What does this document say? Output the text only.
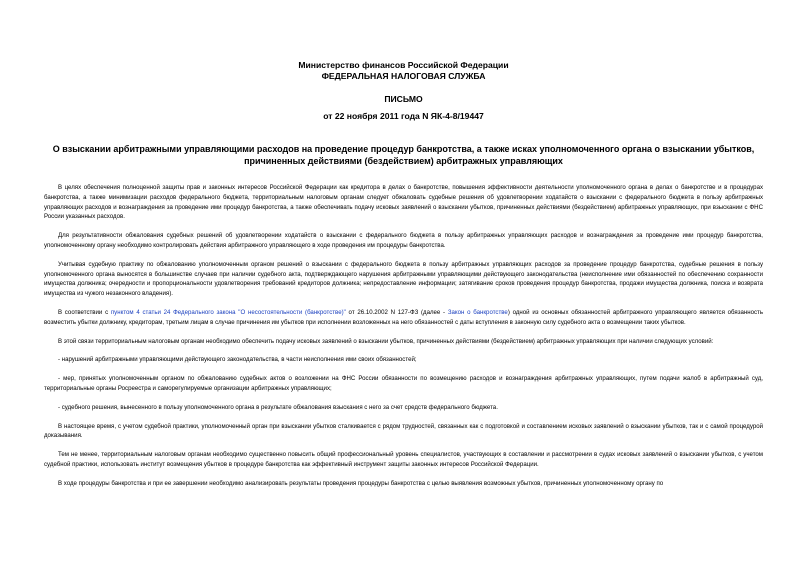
Министерство финансов Российской Федерации
ФЕДЕРАЛЬНАЯ НАЛОГОВАЯ СЛУЖБА
ПИСЬМО
от 22 ноября 2011 года N ЯК-4-8/19447
О взыскании арбитражными управляющими расходов на проведение процедур банкротства, а также исках уполномоченного органа о взыскании убытков, причиненных действиями (бездействием) арбитражных управляющих

В целях обеспечения полноценной защиты прав и законных интересов Российской Федерации как кредитора в делах о банкротстве, повышения эффективности деятельности уполномоченного органа в делах о банкротстве и в процедурах банкротства, а также минимизации расходов федерального бюджета, территориальным налоговым органам следует обжаловать судебные решения об удовлетворении ходатайств о взыскании с федерального бюджета в пользу арбитражных управляющих расходов и вознаграждения за проведение ими процедур банкротства, а также обеспечивать подачу исковых заявлений о взыскании убытков, причиненных действиями (бездействием) арбитражных управляющих, при взыскании с ФНС России указанных расходов.

Для результативности обжалования судебных решений об удовлетворении ходатайств о взыскании с федерального бюджета в пользу арбитражных управляющих расходов и вознаграждения за проведение ими процедур банкротства, уполномоченному органу необходимо контролировать действия арбитражного управляющего в ходе проведения им процедуры банкротства.

Учитывая судебную практику по обжалованию уполномоченным органом решений о взыскании с федерального бюджета в пользу арбитражных управляющих расходов за проведение процедур банкротства, судебные решения в пользу уполномоченного органа выносятся в большинстве случаев при наличии судебного акта, подтверждающего нарушения арбитражными управляющими действующего законодательства (неисполнение ими обязанностей по обеспечению сохранности имущества должника; очередности и пропорциональности удовлетворения требований кредиторов должника; непредоставление информации; затягивание сроков проведения процедур банкротства, продажи имущества должника, поиска и возврата имущества из чужого незаконного владения).

В соответствии с пунктом 4 статьи 24 Федерального закона "О несостоятельности (банкротстве)" от 26.10.2002 N 127-ФЗ (далее - Закон о банкротстве) одной из основных обязанностей арбитражного управляющего является обязанность возместить убытки должнику, кредиторам, третьим лицам в случае причинения им убытков при исполнении возложенных на него обязанностей с даты вступления в законную силу судебного акта о возмещении таких убытков.

В этой связи территориальным налоговым органам необходимо обеспечить подачу исковых заявлений о взыскании убытков, причиненных действиями (бездействием) арбитражных управляющих при наличии следующих условий:

- нарушений арбитражными управляющими действующего законодательства, в части неисполнения ими своих обязанностей;

- мер, принятых уполномоченным органом по обжалованию судебных актов о возложении на ФНС России обязанности по возмещению расходов и вознаграждения арбитражных управляющих, путем подачи жалоб в арбитражный суд, территориальные органы Росреестра и саморегулируемые организации арбитражных управляющих;

- судебного решения, вынесенного в пользу уполномоченного органа в результате обжалования взыскания с него за счет средств федерального бюджета.

В настоящее время, с учетом судебной практики, уполномоченный орган при взыскании убытков сталкивается с рядом трудностей, связанных как с подготовкой и составлением исковых заявлений о взыскании убытков, так и с самой процедурой доказывания.

Тем не менее, территориальным налоговым органам необходимо существенно повысить общий профессиональный уровень специалистов, участвующих в составлении и рассмотрении в судах исковых заявлений о взыскании убытков, с учетом судебной практики, использовать институт возмещения убытков в процедуре банкротства как эффективный инструмент защиты законных интересов Российской Федерации.

В ходе процедуры банкротства и при ее завершении необходимо анализировать результаты проведения процедуры банкротства с целью выявления возможных убытков, причиненных уполномоченному органу по
